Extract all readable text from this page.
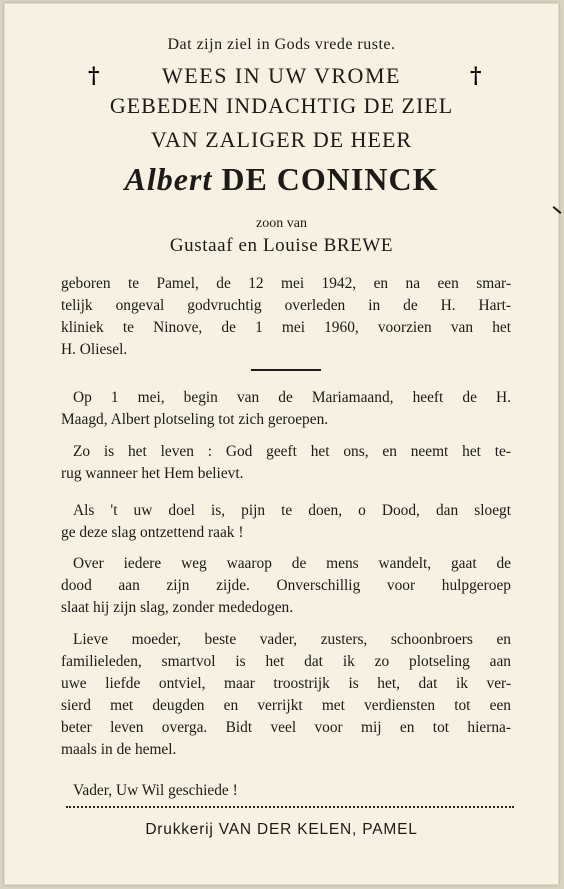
Dat zijn ziel in Gods vrede ruste.
†	WEES IN UW VROME	†
GEBEDEN INDACHTIG DE ZIEL
VAN ZALIGER DE HEER
Albert DE CONINCK
zoon van
Gustaaf en Louise BREWE
geboren te Pamel, de 12 mei 1942, en na een smar-
telijk ongeval godvruchtig overleden in de H. Hart-
kliniek te Ninove, de 1 mei 1960, voorzien van het
H. Oliesel.
Op 1 mei, begin van de Mariamaand, heeft de H.
Maagd, Albert plotseling tot zich geroepen.
Zo is het leven : God geeft het ons, en neemt het te-
rug wanneer het Hem believt.
Als 't uw doel is, pijn te doen, o Dood, dan sloegt
ge deze slag ontzettend raak !
Over iedere weg waarop de mens wandelt, gaat de
dood aan zijn zijde. Onverschillig voor hulpgeroep
slaat hij zijn slag, zonder mededogen.
Lieve moeder, beste vader, zusters, schoonbroers en
familieleden, smartvol is het dat ik zo plotseling aan
uwe liefde ontviel, maar troostrijk is het, dat ik ver-
sierd met deugden en verrijkt met verdiensten tot een
beter leven overga. Bidt veel voor mij en tot hierna-
maals in de hemel.
Vader, Uw Wil geschiede !
Drukkerij VAN DER KELEN, PAMEL
